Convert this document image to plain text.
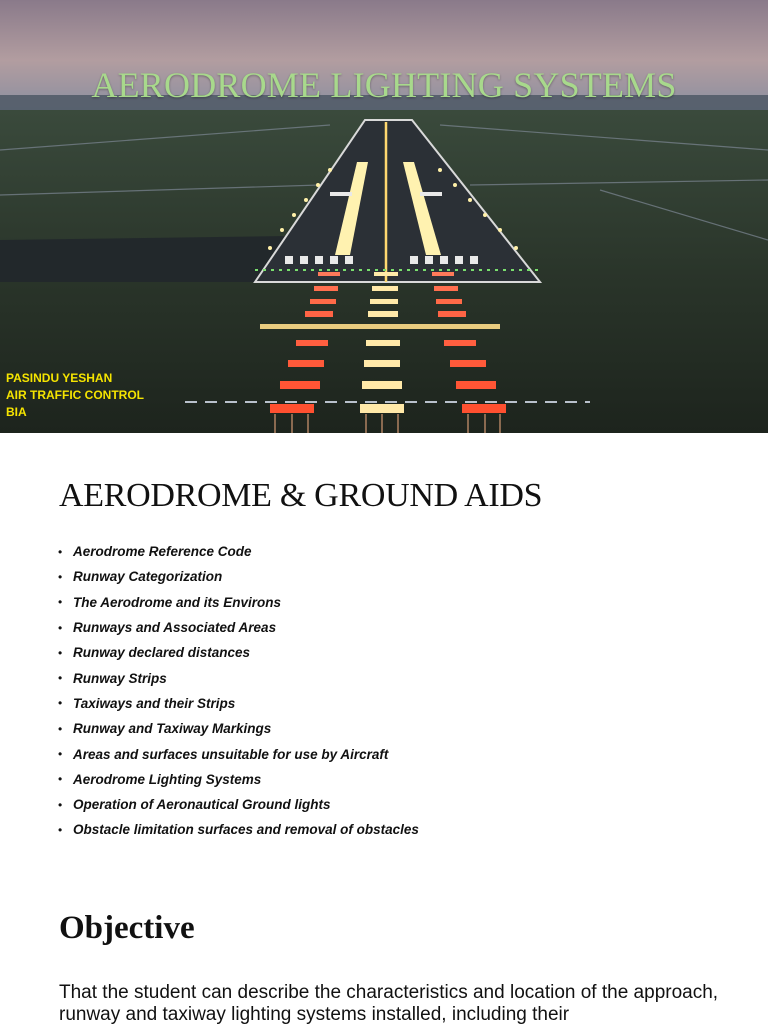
AERODROME LIGHTING SYSTEMS
PASINDU YESHAN
AIR TRAFFIC CONTROL
BIA
AERODROME & GROUND AIDS
• Aerodrome Reference Code
• Runway Categorization
• The Aerodrome and its Environs
• Runways and Associated Areas
• Runway declared distances
• Runway Strips
• Taxiways and their Strips
• Runway and Taxiway Markings
• Areas and surfaces unsuitable for use by Aircraft
• Aerodrome Lighting Systems
• Operation of Aeronautical Ground lights
• Obstacle limitation surfaces and removal of obstacles
Objective
That the student can describe the characteristics and location of the approach, runway and taxiway lighting systems installed, including their
